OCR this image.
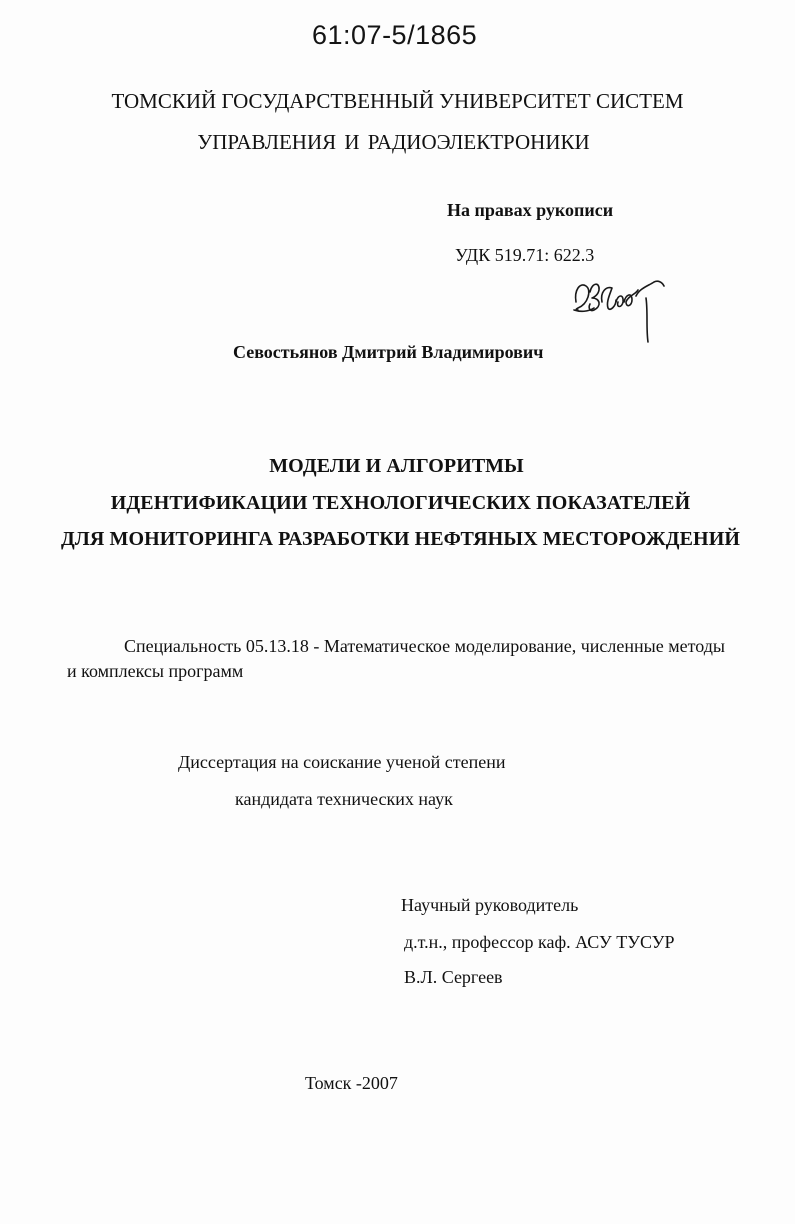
61:07-5/1865
ТОМСКИЙ ГОСУДАРСТВЕННЫЙ УНИВЕРСИТЕТ СИСТЕМ
УПРАВЛЕНИЯ И РАДИОЭЛЕКТРОНИКИ
На правах рукописи
УДК 519.71: 622.3
Севостьянов Дмитрий Владимирович
МОДЕЛИ И АЛГОРИТМЫ
ИДЕНТИФИКАЦИИ ТЕХНОЛОГИЧЕСКИХ ПОКАЗАТЕЛЕЙ
ДЛЯ МОНИТОРИНГА РАЗРАБОТКИ НЕФТЯНЫХ МЕСТОРОЖДЕНИЙ
Специальность 05.13.18 - Математическое моделирование, численные методы и комплексы программ
Диссертация на соискание ученой степени
кандидата технических наук
Научный руководитель
д.т.н., профессор каф. АСУ ТУСУР
В.Л. Сергеев
Томск -2007
